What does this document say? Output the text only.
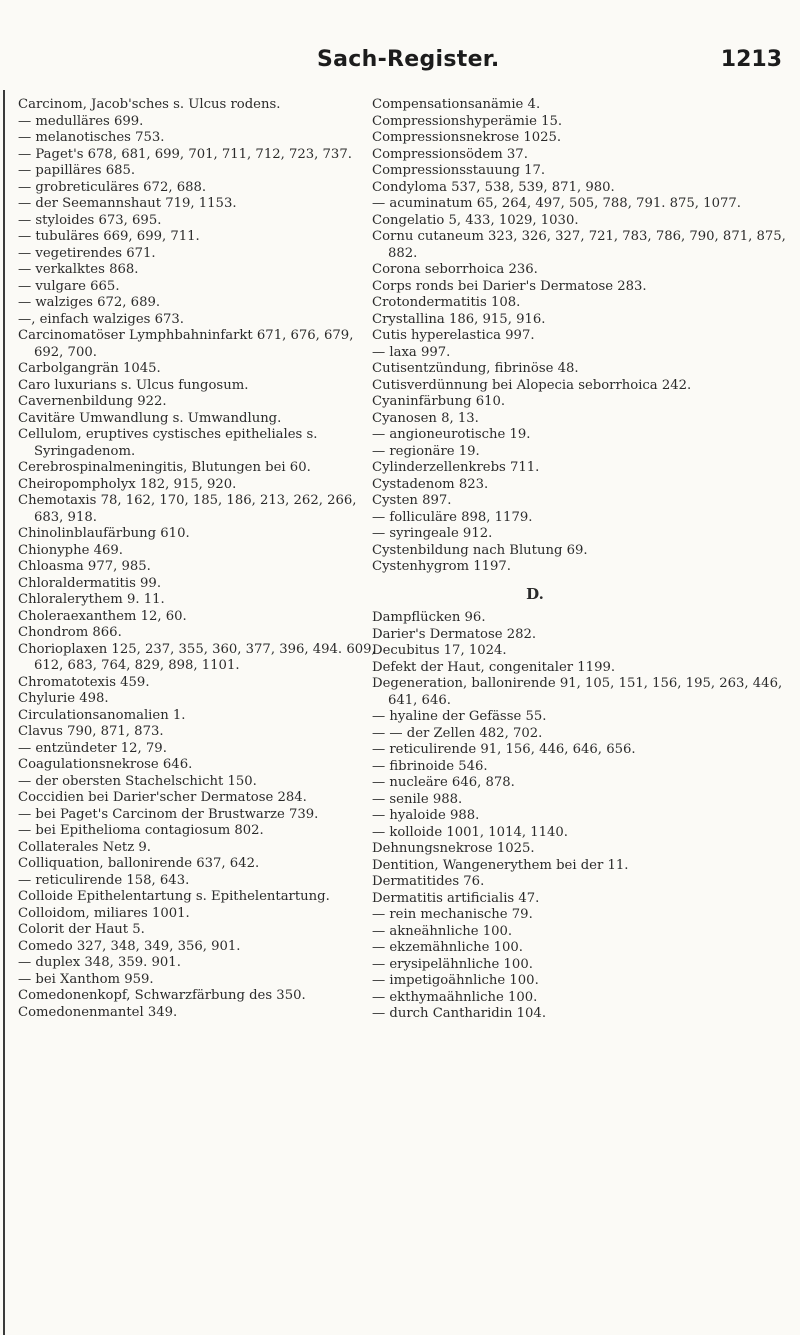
Sach-Register.	1213
Carcinom, Jacob'sches s. Ulcus rodens.
— medulläres 699.
— melanotisches 753.
— Paget's 678, 681, 699, 701, 711, 712, 723, 737.
— papilläres 685.
— grobreticuläres 672, 688.
— der Seemannshaut 719, 1153.
— styloides 673, 695.
— tubuläres 669, 699, 711.
— vegetirendes 671.
— verkalktes 868.
— vulgare 665.
— walziges 672, 689.
—, einfach walziges 673.
Carcinomatöser Lymphbahninfarkt 671, 676, 679, 692, 700.
Carbolgangrän 1045.
Caro luxurians s. Ulcus fungosum.
Cavernenbildung 922.
Cavitäre Umwandlung s. Umwandlung.
Cellulom, eruptives cystisches epitheliales s. Syringadenom.
Cerebrospinalmeningitis, Blutungen bei 60.
Cheiropompholyx 182, 915, 920.
Chemotaxis 78, 162, 170, 185, 186, 213, 262, 266, 683, 918.
Chinolinblaufärbung 610.
Chionyphe 469.
Chloasma 977, 985.
Chloraldermatitis 99.
Chloralerythem 9. 11.
Choleraexanthem 12, 60.
Chondrom 866.
Chorioplaxen 125, 237, 355, 360, 377, 396, 494. 609, 612, 683, 764, 829, 898, 1101.
Chromatotexis 459.
Chylurie 498.
Circulationsanomalien 1.
Clavus 790, 871, 873.
— entzündeter 12, 79.
Coagulationsnekrose 646.
— der obersten Stachelschicht 150.
Coccidien bei Darier'scher Dermatose 284.
— bei Paget's Carcinom der Brustwarze 739.
— bei Epithelioma contagiosum 802.
Collaterales Netz 9.
Colliquation, ballonirende 637, 642.
— reticulirende 158, 643.
Colloide Epithelentartung s. Epithelentartung.
Colloidom, miliares 1001.
Colorit der Haut 5.
Comedo 327, 348, 349, 356, 901.
— duplex 348, 359. 901.
— bei Xanthom 959.
Comedonenkopf, Schwarzfärbung des 350.
Comedonenmantel 349.
Compensationsanämie 4.
Compressionshyperämie 15.
Compressionsnekrose 1025.
Compressionsödem 37.
Compressionsstauung 17.
Condyloma 537, 538, 539, 871, 980.
— acuminatum 65, 264, 497, 505, 788, 791. 875, 1077.
Congelatio 5, 433, 1029, 1030.
Cornu cutaneum 323, 326, 327, 721, 783, 786, 790, 871, 875, 882.
Corona seborrhoica 236.
Corps ronds bei Darier's Dermatose 283.
Crotondermatitis 108.
Crystallina 186, 915, 916.
Cutis hyperelastica 997.
— laxa 997.
Cutisentzündung, fibrinöse 48.
Cutisverdünnung bei Alopecia seborrhoica 242.
Cyaninfärbung 610.
Cyanosen 8, 13.
— angioneurotische 19.
— regionäre 19.
Cylinderzellenkrebs 711.
Cystadenom 823.
Cysten 897.
— folliculäre 898, 1179.
— syringeale 912.
Cystenbildung nach Blutung 69.
Cystenhygrom 1197.
D.
Dampflücken 96.
Darier's Dermatose 282.
Decubitus 17, 1024.
Defekt der Haut, congenitaler 1199.
Degeneration, ballonirende 91, 105, 151, 156, 195, 263, 446, 641, 646.
— hyaline der Gefässe 55.
— — der Zellen 482, 702.
— reticulirende 91, 156, 446, 646, 656.
— fibrinoide 546.
— nucleäre 646, 878.
— senile 988.
— hyaloide 988.
— kolloide 1001, 1014, 1140.
Dehnungsnekrose 1025.
Dentition, Wangenerythem bei der 11.
Dermatitides 76.
Dermatitis artificialis 47.
— rein mechanische 79.
— akneähnliche 100.
— ekzemähnliche 100.
— erysipelähnliche 100.
— impetigoähnliche 100.
— ekthymaähnliche 100.
— durch Cantharidin 104.
